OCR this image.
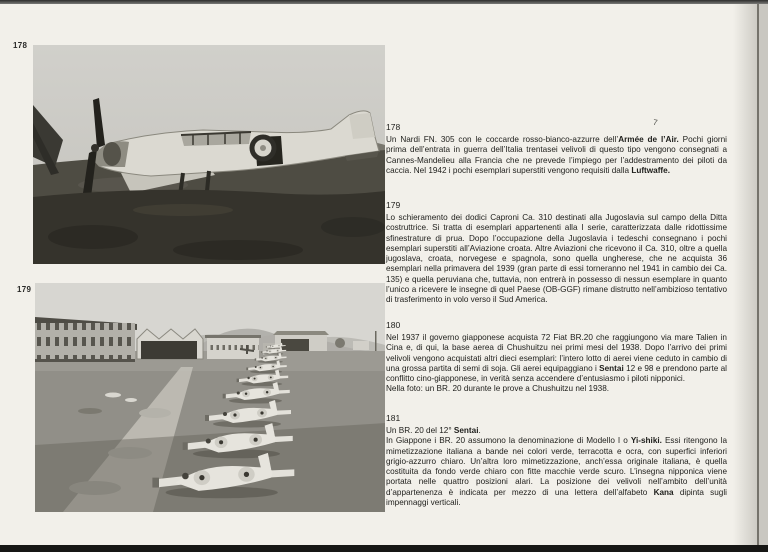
178
179
7
178

Un Nardi FN. 305 con le coccarde rosso-bianco-azzurre dell’Armée de l’Air. Pochi giorni prima dell’entrata in guerra dell’Italia trentasei velivoli di questo tipo vengono consegnati a Cannes-Mandelieu alla Francia che ne prevede l’impiego per l’addestramento dei piloti da caccia. Nel 1942 i pochi esemplari superstiti vengono requisiti dalla Luftwaffe.

179

Lo schieramento dei dodici Caproni Ca. 310 destinati alla Jugoslavia sul campo della Ditta costruttrice. Si tratta di esemplari appartenenti alla I serie, caratterizzata dalle ridottissime sfinestrature di prua. Dopo l’occupazione della Jugoslavia i tedeschi consegnano i pochi esemplari superstiti all’Aviazione croata. Altre Aviazioni che ricevono il Ca. 310, oltre a quella jugoslava, croata, norvegese e spagnola, sono quella ungherese, che ne acquista 36 esemplari nella primavera del 1939 (gran parte di essi torneranno nel 1941 in cambio dei Ca. 135) e quella peruviana che, tuttavia, non entrerà in possesso di nessun esemplare in quanto l’unico a ricevere le insegne di quel Paese (OB-GGF) rimane distrutto nell’ambizioso tentativo di trasferimento in volo verso il Sud America.

180

Nel 1937 il governo giapponese acquista 72 Fiat BR.20 che raggiungono via mare Talien in Cina e, di qui, la base aerea di Chushuitzu nei primi mesi del 1938. Dopo l’arrivo dei primi velivoli vengono acquistati altri dieci esemplari: l’intero lotto di aerei viene ceduto in cambio di una grossa partita di semi di soja. Gli aerei equipaggiano i Sentai 12 e 98 e prendono parte al conflitto cino-giapponese, in verità senza accendere d’entusiasmo i piloti nipponici.

Nella foto: un BR. 20 durante le prove a Chushuitzu nel 1938.

181

Un BR. 20 del 12° Sentai.

In Giappone i BR. 20 assumono la denominazione di Modello I o Yi-shiki. Essi ritengono la mimetizzazione italiana a bande nei colori verde, terracotta e ocra, con superfici inferiori grigio-azzurro chiaro. Un’altra loro mimetizzazione, anch’essa originale italiana, è quella costituita da fondo verde chiaro con fitte macchie verde scuro. L’insegna nipponica viene portata nelle quattro posizioni alari. La posizione dei velivoli nell’ambito dell’unità d’appartenenza è indicata per mezzo di una lettera dell’alfabeto Kana dipinta sugli impennaggi verticali.
